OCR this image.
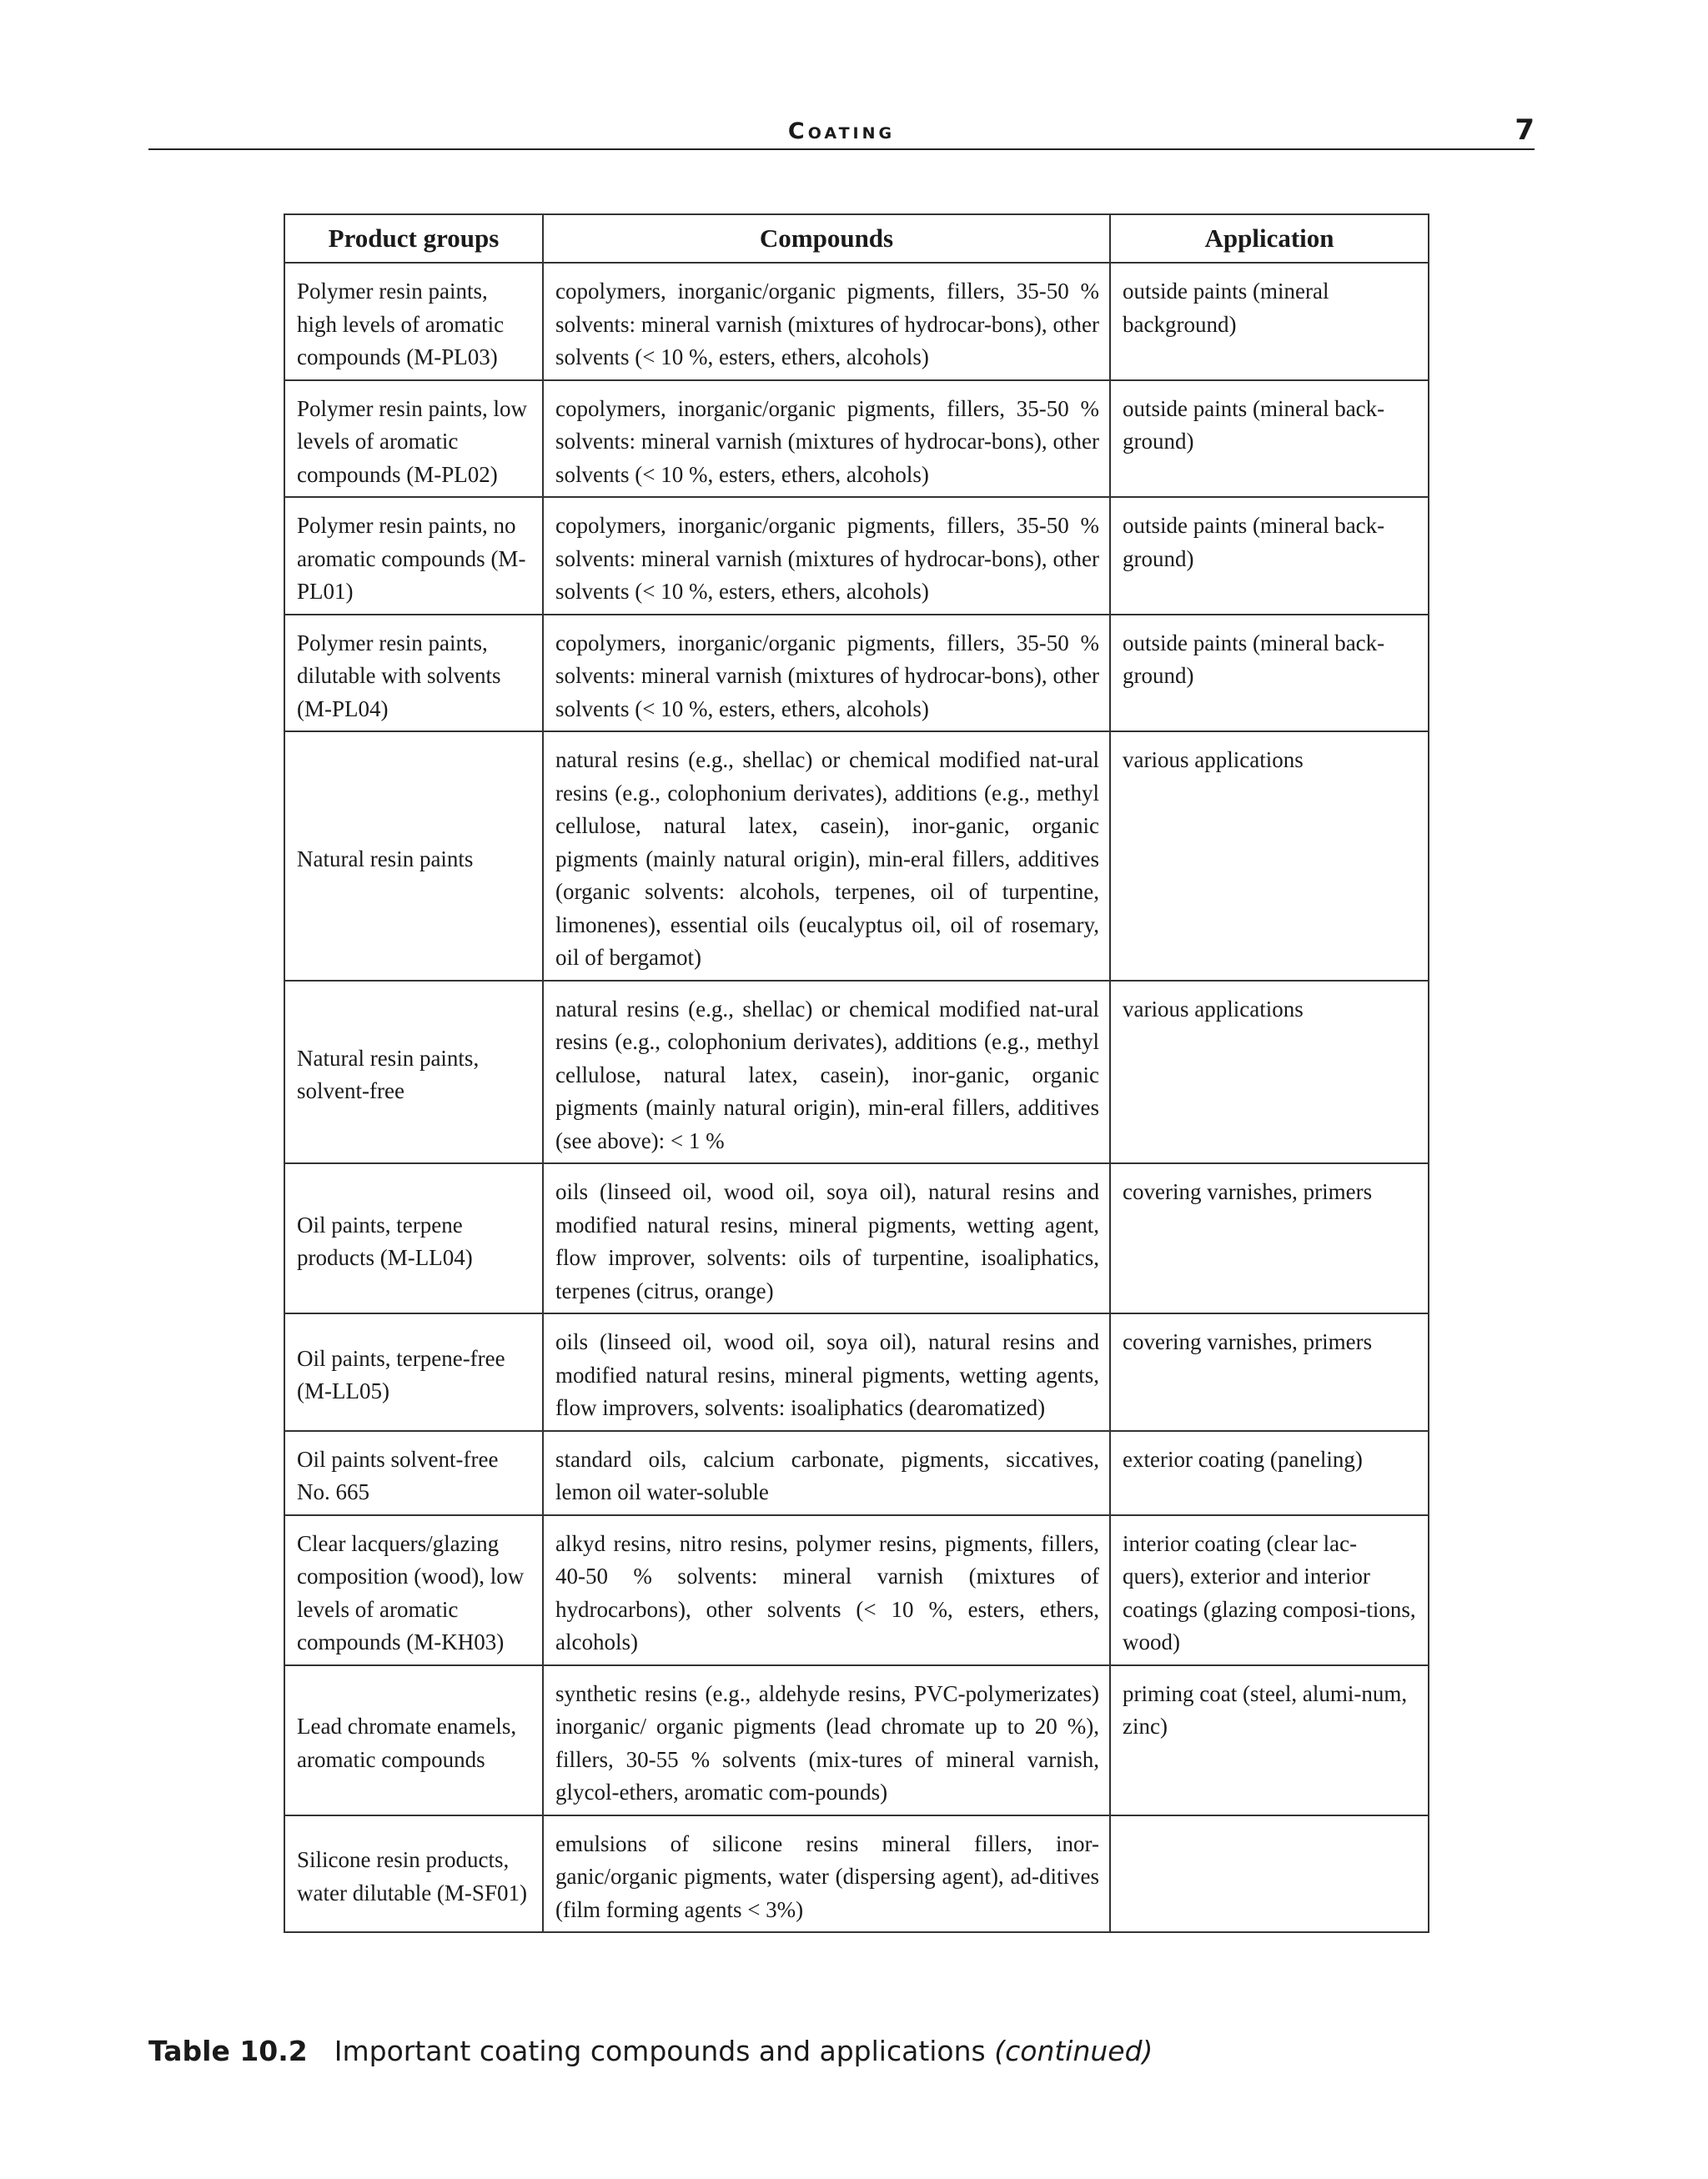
Coating	7
Product groups	Compounds	Application
Polymer resin paints, high levels of aromatic compounds (M-PL03)	copolymers, inorganic/organic pigments, fillers, 35-50 % solvents: mineral varnish (mixtures of hydrocar-bons), other solvents (< 10 %, esters, ethers, alcohols)	outside paints (mineral background)
Polymer resin paints, low levels of aromatic compounds (M-PL02)	copolymers, inorganic/organic pigments, fillers, 35-50 % solvents: mineral varnish (mixtures of hydrocar-bons), other solvents (< 10 %, esters, ethers, alcohols)	outside paints (mineral back-ground)
Polymer resin paints, no aromatic compounds (M-PL01)	copolymers, inorganic/organic pigments, fillers, 35-50 % solvents: mineral varnish (mixtures of hydrocar-bons), other solvents (< 10 %, esters, ethers, alcohols)	outside paints (mineral back-ground)
Polymer resin paints, dilutable with solvents (M-PL04)	copolymers, inorganic/organic pigments, fillers, 35-50 % solvents: mineral varnish (mixtures of hydrocar-bons), other solvents (< 10 %, esters, ethers, alcohols)	outside paints (mineral back-ground)
Natural resin paints	natural resins (e.g., shellac) or chemical modified nat-ural resins (e.g., colophonium derivates), additions (e.g., methyl cellulose, natural latex, casein), inor-ganic, organic pigments (mainly natural origin), min-eral fillers, additives (organic solvents: alcohols, terpenes, oil of turpentine, limonenes), essential oils (eucalyptus oil, oil of rosemary, oil of bergamot)	various applications
Natural resin paints, solvent-free	natural resins (e.g., shellac) or chemical modified nat-ural resins (e.g., colophonium derivates), additions (e.g., methyl cellulose, natural latex, casein), inor-ganic, organic pigments (mainly natural origin), min-eral fillers, additives (see above): < 1 %	various applications
Oil paints, terpene products (M-LL04)	oils (linseed oil, wood oil, soya oil), natural resins and modified natural resins, mineral pigments, wetting agent, flow improver, solvents: oils of turpentine, isoaliphatics, terpenes (citrus, orange)	covering varnishes, primers
Oil paints, terpene-free (M-LL05)	oils (linseed oil, wood oil, soya oil), natural resins and modified natural resins, mineral pigments, wetting agents, flow improvers, solvents: isoaliphatics (dearomatized)	covering varnishes, primers
Oil paints solvent-free No. 665	standard oils, calcium carbonate, pigments, siccatives, lemon oil water-soluble	exterior coating (paneling)
Clear lacquers/glazing composition (wood), low levels of aromatic compounds (M-KH03)	alkyd resins, nitro resins, polymer resins, pigments, fillers, 40-50 % solvents: mineral varnish (mixtures of hydrocarbons), other solvents (< 10 %, esters, ethers, alcohols)	interior coating (clear lac-quers), exterior and interior coatings (glazing composi-tions, wood)
Lead chromate enamels, aromatic compounds	synthetic resins (e.g., aldehyde resins, PVC-polymerizates) inorganic/ organic pigments (lead chromate up to 20 %), fillers, 30-55 % solvents (mix-tures of mineral varnish, glycol-ethers, aromatic com-pounds)	priming coat (steel, alumi-num, zinc)
Silicone resin products, water dilutable (M-SF01)	emulsions of silicone resins mineral fillers, inor-ganic/organic pigments, water (dispersing agent), ad-ditives (film forming agents < 3%)	
Table 10.2 Important coating compounds and applications (continued)
